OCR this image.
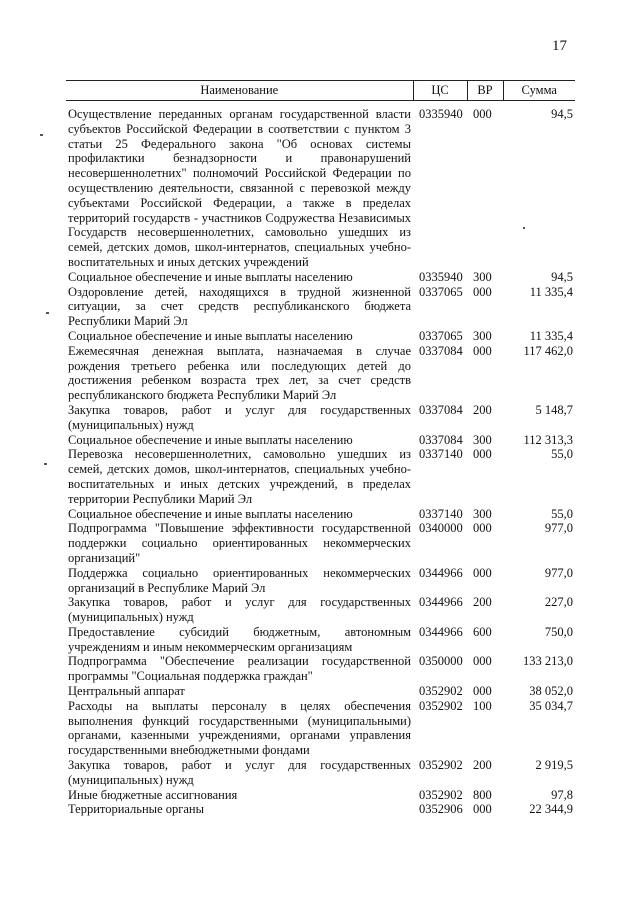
17
Наименование	ЦС	ВР	Сумма
Осуществление переданных органам государственной власти субъектов Российской Федерации в соответствии с пунктом 3 статьи 25 Федерального закона "Об основах системы профилактики безнадзорности и правонарушений несовершеннолетних" полномочий Российской Федерации по осуществлению деятельности, связанной с перевозкой между субъектами Российской Федерации, а также в пределах территорий государств - участников Содружества Независимых Государств несовершеннолетних, самовольно ушедших из семей, детских домов, школ-интернатов, специальных учебно-воспитательных и иных детских учреждений	0335940	000	94,5
Социальное обеспечение и иные выплаты населению	0335940	300	94,5
Оздоровление детей, находящихся в трудной жизненной ситуации, за счет средств республиканского бюджета Республики Марий Эл	0337065	000	11 335,4
Социальное обеспечение и иные выплаты населению	0337065	300	11 335,4
Ежемесячная денежная выплата, назначаемая в случае рождения третьего ребенка или последующих детей до достижения ребенком возраста трех лет, за счет средств республиканского бюджета Республики Марий Эл	0337084	000	117 462,0
Закупка товаров, работ и услуг для государственных (муниципальных) нужд	0337084	200	5 148,7
Социальное обеспечение и иные выплаты населению	0337084	300	112 313,3
Перевозка несовершеннолетних, самовольно ушедших из семей, детских домов, школ-интернатов, специальных учебно-воспитательных и иных детских учреждений, в пределах территории Республики Марий Эл	0337140	000	55,0
Социальное обеспечение и иные выплаты населению	0337140	300	55,0
Подпрограмма "Повышение эффективности государственной поддержки социально ориентированных некоммерческих организаций"	0340000	000	977,0
Поддержка социально ориентированных некоммерческих организаций в Республике Марий Эл	0344966	000	977,0
Закупка товаров, работ и услуг для государственных (муниципальных) нужд	0344966	200	227,0
Предоставление субсидий бюджетным, автономным учреждениям и иным некоммерческим организациям	0344966	600	750,0
Подпрограмма "Обеспечение реализации государственной программы "Социальная поддержка граждан"	0350000	000	133 213,0
Центральный аппарат	0352902	000	38 052,0
Расходы на выплаты персоналу в целях обеспечения выполнения функций государственными (муниципальными) органами, казенными учреждениями, органами управления государственными внебюджетными фондами	0352902	100	35 034,7
Закупка товаров, работ и услуг для государственных (муниципальных) нужд	0352902	200	2 919,5
Иные бюджетные ассигнования	0352902	800	97,8
Территориальные органы	0352906	000	22 344,9
